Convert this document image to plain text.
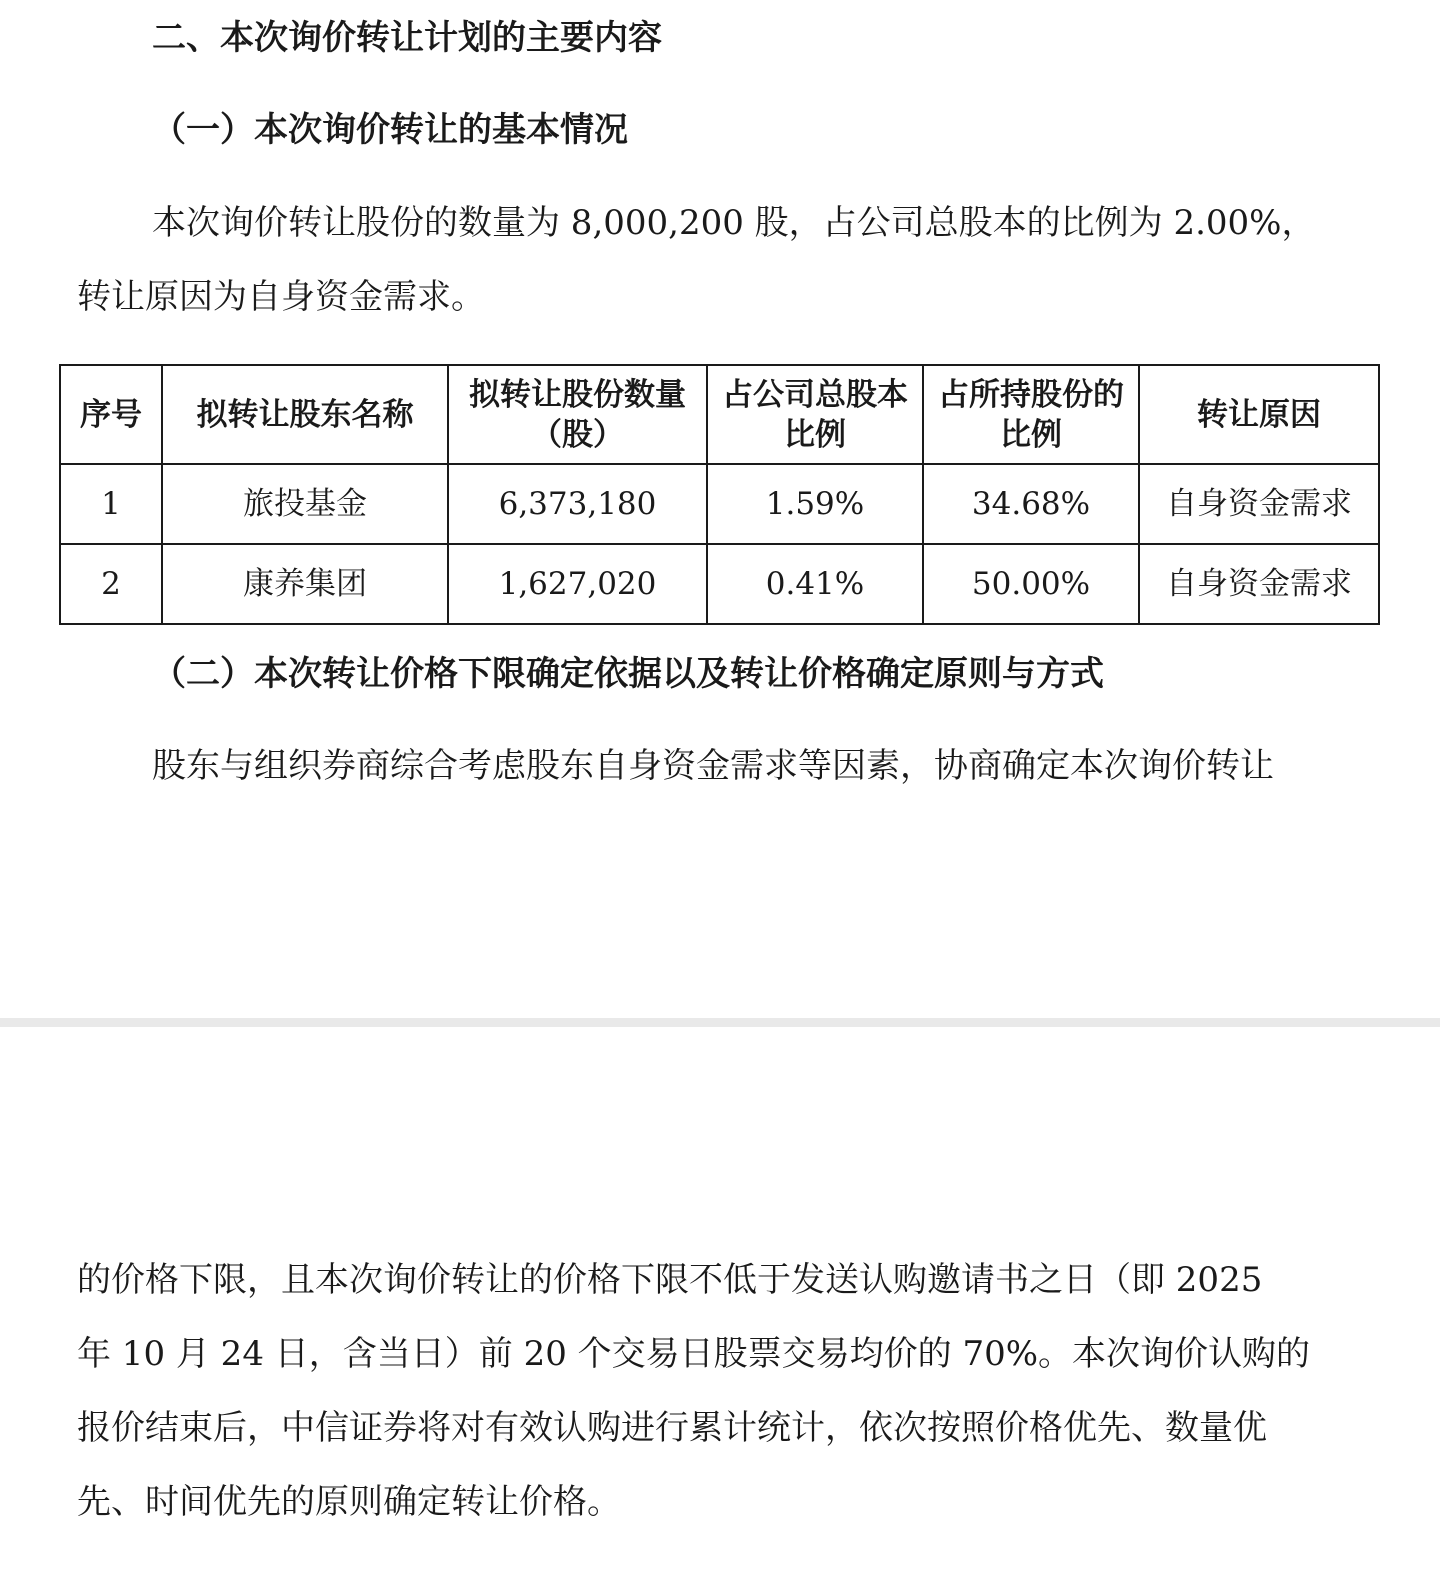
二、本次询价转让计划的主要内容
（一）本次询价转让的基本情况
本次询价转让股份的数量为 8,000,200 股，占公司总股本的比例为 2.00%，
转让原因为自身资金需求。
序号	拟转让股东名称	拟转让股份数量（股）	占公司总股本比例	占所持股份的比例	转让原因
1	旅投基金	6,373,180	1.59%	34.68%	自身资金需求
2	康养集团	1,627,020	0.41%	50.00%	自身资金需求
（二）本次转让价格下限确定依据以及转让价格确定原则与方式
股东与组织券商综合考虑股东自身资金需求等因素，协商确定本次询价转让
的价格下限，且本次询价转让的价格下限不低于发送认购邀请书之日（即 2025
年 10 月 24 日，含当日）前 20 个交易日股票交易均价的 70%。本次询价认购的
报价结束后，中信证券将对有效认购进行累计统计，依次按照价格优先、数量优
先、时间优先的原则确定转让价格。
